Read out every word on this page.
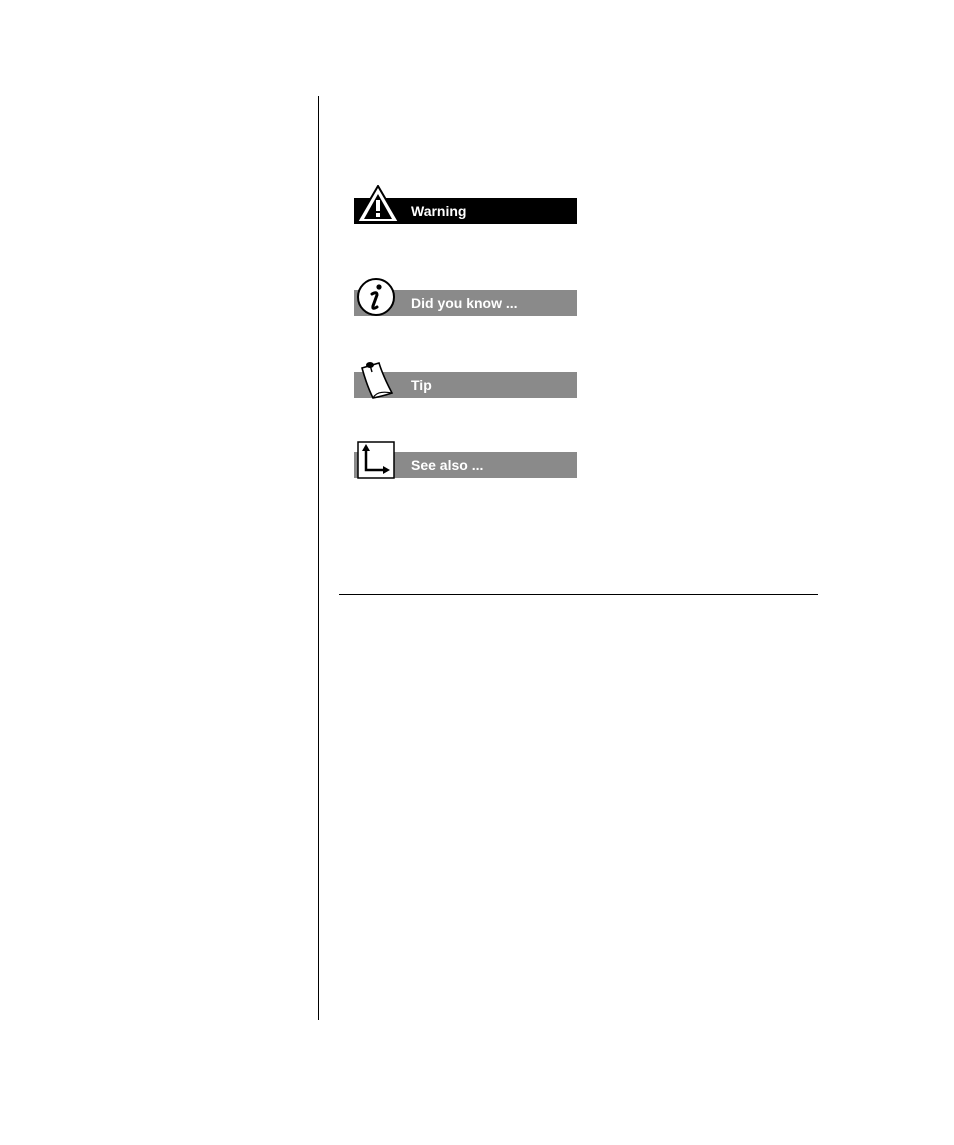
Warning
Did you know ...
Tip
See also ...
